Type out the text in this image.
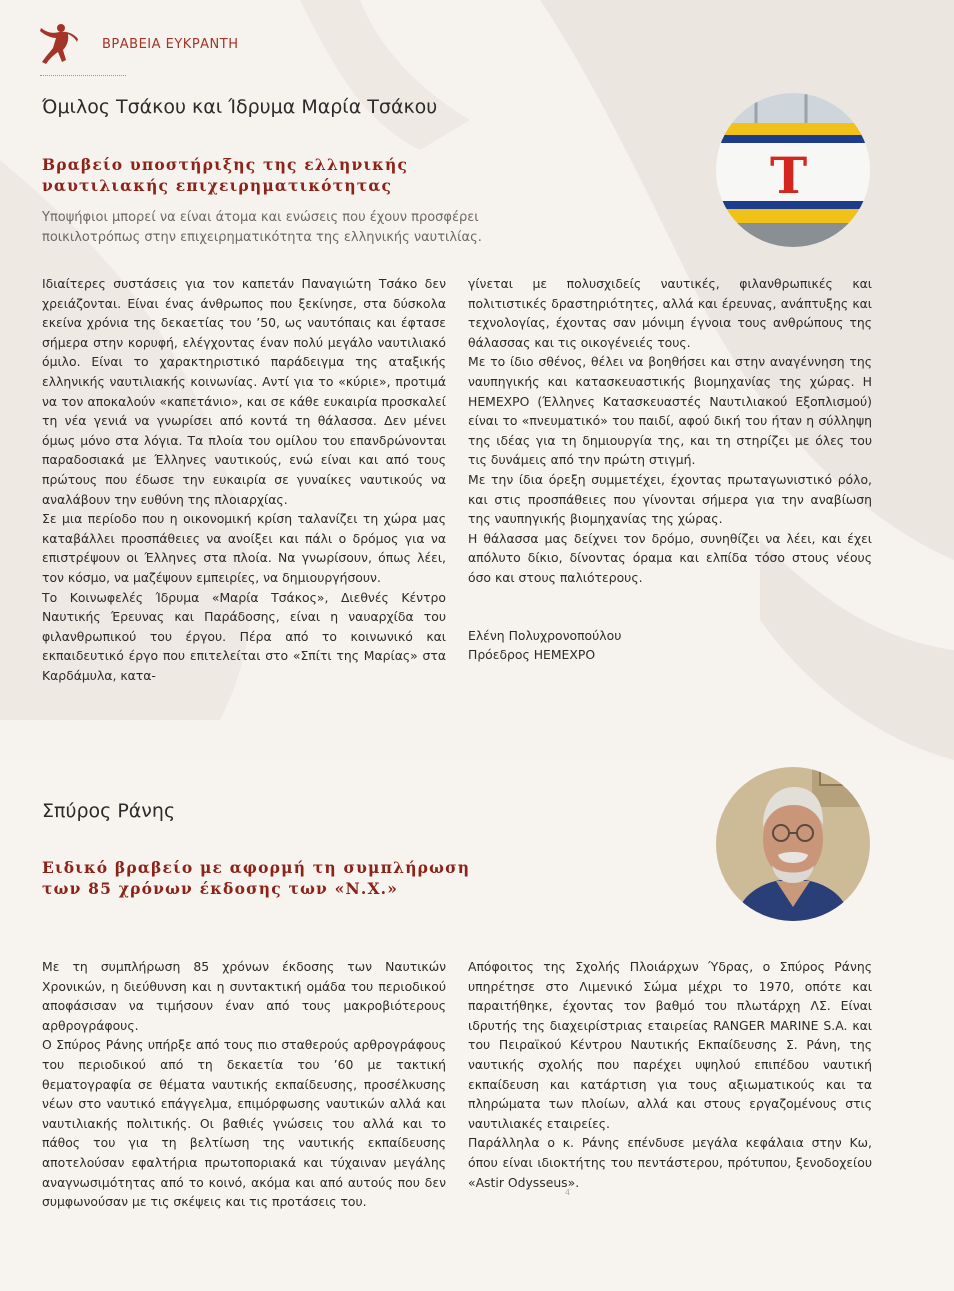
ΒΡΑΒΕΙΑ ΕΥΚΡΑΝΤΗ
Όμιλος Τσάκου και Ίδρυμα Μαρία Τσάκου
Βραβείο υποστήριξης της ελληνικής
ναυτιλιακής επιχειρηματικότητας

Υποψήφιοι μπορεί να είναι άτομα και ενώσεις που έχουν προσφέρει ποικιλοτρόπως στην επιχειρηματικότητα της ελληνικής ναυτιλίας.

T

Ιδιαίτερες συστάσεις για τον καπετάν Παναγιώτη Τσάκο δεν χρειάζονται. Είναι ένας άνθρωπος που ξεκίνησε, στα δύσκολα εκείνα χρόνια της δεκαετίας του ’50, ως ναυτόπαις και έφτασε σήμερα στην κορυφή, ελέγχοντας έναν πολύ μεγάλο ναυτιλιακό όμιλο. Είναι το χαρακτηριστικό παράδειγμα της αταξικής ελληνικής ναυτιλιακής κοινωνίας. Αντί για το «κύριε», προτιμά να τον αποκαλούν «καπετάνιο», και σε κάθε ευκαιρία προσκαλεί τη νέα γενιά να γνωρίσει από κοντά τη θάλασσα. Δεν μένει όμως μόνο στα λόγια. Τα πλοία του ομίλου του επανδρώνονται παραδοσιακά με Έλληνες ναυτικούς, ενώ είναι και από τους πρώτους που έδωσε την ευκαιρία σε γυναίκες ναυτικούς να αναλάβουν την ευθύνη της πλοιαρχίας.

Σε μια περίοδο που η οικονομική κρίση ταλανίζει τη χώρα μας καταβάλλει προσπάθειες να ανοίξει και πάλι ο δρόμος για να επιστρέψουν οι Έλληνες στα πλοία. Να γνωρίσουν, όπως λέει, τον κόσμο, να μαζέψουν εμπειρίες, να δημιουργήσουν.

Το Κοινωφελές Ίδρυμα «Μαρία Τσάκος», Διεθνές Κέντρο Ναυτικής Έρευνας και Παράδοσης, είναι η ναυαρχίδα του φιλανθρωπικού του έργου. Πέρα από το κοινωνικό και εκπαιδευτικό έργο που επιτελείται στο «Σπίτι της Μαρίας» στα Καρδάμυλα, κατα-

γίνεται με πολυσχιδείς ναυτικές, φιλανθρωπικές και πολιτιστικές δραστηριότητες, αλλά και έρευνας, ανάπτυξης και τεχνολογίας, έχοντας σαν μόνιμη έγνοια τους ανθρώπους της θάλασσας και τις οικογένειές τους.

Με το ίδιο σθένος, θέλει να βοηθήσει και στην αναγέννηση της ναυπηγικής και κατασκευαστικής βιομηχανίας της χώρας. Η HEMEXPO (Έλληνες Κατασκευαστές Ναυτιλιακού Εξοπλισμού) είναι το «πνευματικό» του παιδί, αφού δική του ήταν η σύλληψη της ιδέας για τη δημιουργία της, και τη στηρίζει με όλες του τις δυνάμεις από την πρώτη στιγμή.

Με την ίδια όρεξη συμμετέχει, έχοντας πρωταγωνιστικό ρόλο, και στις προσπάθειες που γίνονται σήμερα για την αναβίωση της ναυπηγικής βιομηχανίας της χώρας.

Η θάλασσα μας δείχνει τον δρόμο, συνηθίζει να λέει, και έχει απόλυτο δίκιο, δίνοντας όραμα και ελπίδα τόσο στους νέους όσο και στους παλιότερους.

Ελένη Πολυχρονοπούλου
Πρόεδρος HEMEXPO

Σπύρος Ράνης
Ειδικό βραβείο με αφορμή τη συμπλήρωση
των 85 χρόνων έκδοσης των «Ν.Χ.»

Με τη συμπλήρωση 85 χρόνων έκδοσης των Ναυτικών Χρονικών, η διεύθυνση και η συντακτική ομάδα του περιοδικού αποφάσισαν να τιμήσουν έναν από τους μακροβιότερους αρθρογράφους.

Ο Σπύρος Ράνης υπήρξε από τους πιο σταθερούς αρθρογράφους του περιοδικού από τη δεκαετία του ’60 με τακτική θεματογραφία σε θέματα ναυτικής εκπαίδευσης, προσέλκυσης νέων στο ναυτικό επάγγελμα, επιμόρφωσης ναυτικών αλλά και ναυτιλιακής πολιτικής. Οι βαθιές γνώσεις του αλλά και το πάθος του για τη βελτίωση της ναυτικής εκπαίδευσης αποτελούσαν εφαλτήρια πρωτοποριακά και τύχαιναν μεγάλης αναγνωσιμότητας από το κοινό, ακόμα και από αυτούς που δεν συμφωνούσαν με τις σκέψεις και τις προτάσεις του.

Απόφοιτος της Σχολής Πλοιάρχων Ύδρας, ο Σπύρος Ράνης υπηρέτησε στο Λιμενικό Σώμα μέχρι το 1970, οπότε και παραιτήθηκε, έχοντας τον βαθμό του πλωτάρχη ΛΣ. Είναι ιδρυτής της διαχειρίστριας εταιρείας RANGER MARINE S.A. και του Πειραϊκού Κέντρου Ναυτικής Εκπαίδευσης Σ. Ράνη, της ναυτικής σχολής που παρέχει υψηλού επιπέδου ναυτική εκπαίδευση και κατάρτιση για τους αξιωματικούς και τα πληρώματα των πλοίων, αλλά και στους εργαζομένους στις ναυτιλιακές εταιρείες.

Παράλληλα ο κ. Ράνης επένδυσε μεγάλα κεφάλαια στην Κω, όπου είναι ιδιοκτήτης του πεντάστερου, πρότυπου, ξενοδοχείου «Astir Odysseus».

4
